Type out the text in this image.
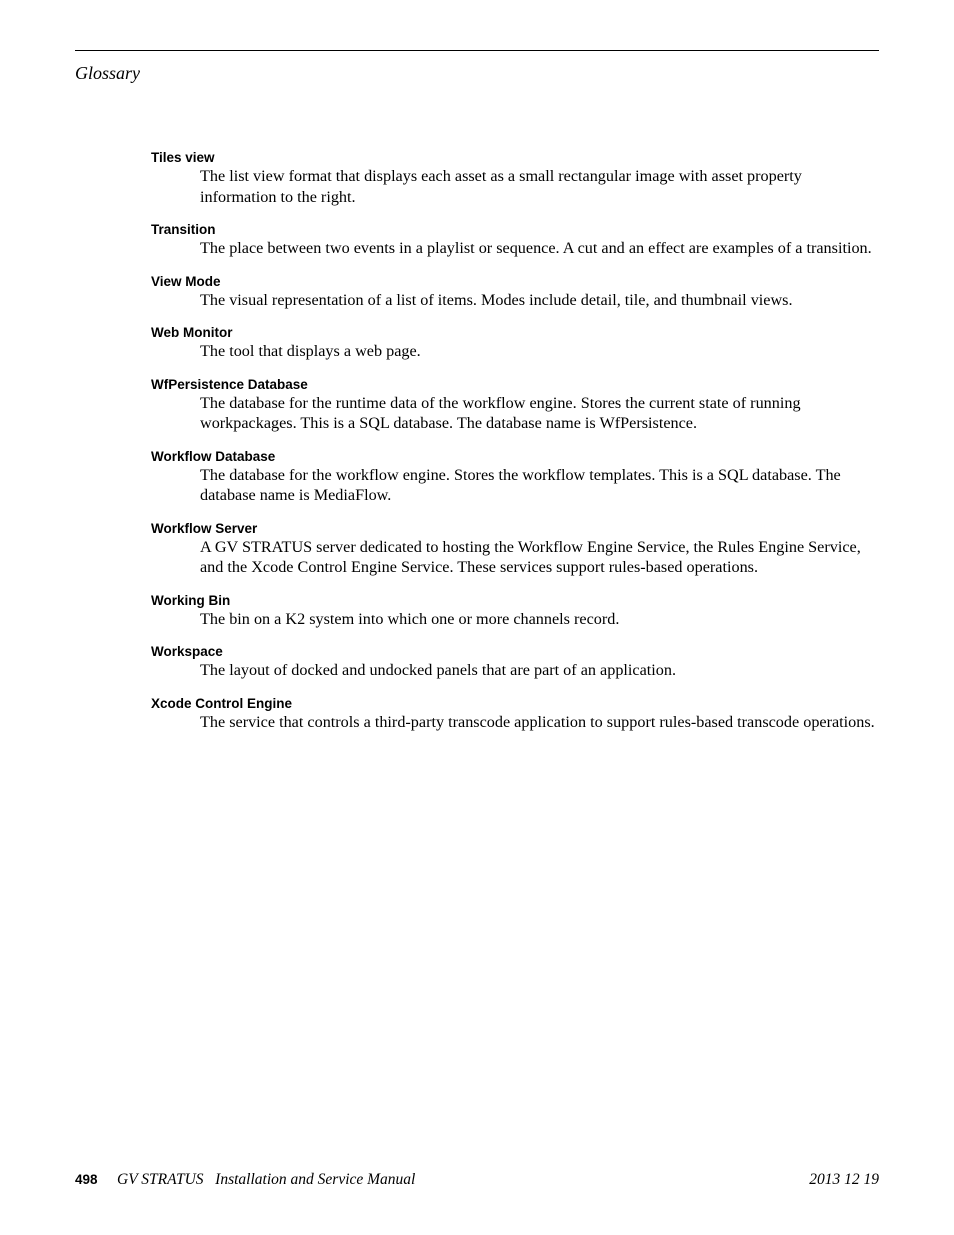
Glossary
Tiles view
The list view format that displays each asset as a small rectangular image with asset property information to the right.
Transition
The place between two events in a playlist or sequence. A cut and an effect are examples of a transition.
View Mode
The visual representation of a list of items. Modes include detail, tile, and thumbnail views.
Web Monitor
The tool that displays a web page.
WfPersistence Database
The database for the runtime data of the workflow engine. Stores the current state of running workpackages. This is a SQL database. The database name is WfPersistence.
Workflow Database
The database for the workflow engine. Stores the workflow templates. This is a SQL database. The database name is MediaFlow.
Workflow Server
A GV STRATUS server dedicated to hosting the Workflow Engine Service, the Rules Engine Service, and the Xcode Control Engine Service. These services support rules-based operations.
Working Bin
The bin on a K2 system into which one or more channels record.
Workspace
The layout of docked and undocked panels that are part of an application.
Xcode Control Engine
The service that controls a third-party transcode application to support rules-based transcode operations.
498 GV STRATUS   Installation and Service Manual	2013 12 19
